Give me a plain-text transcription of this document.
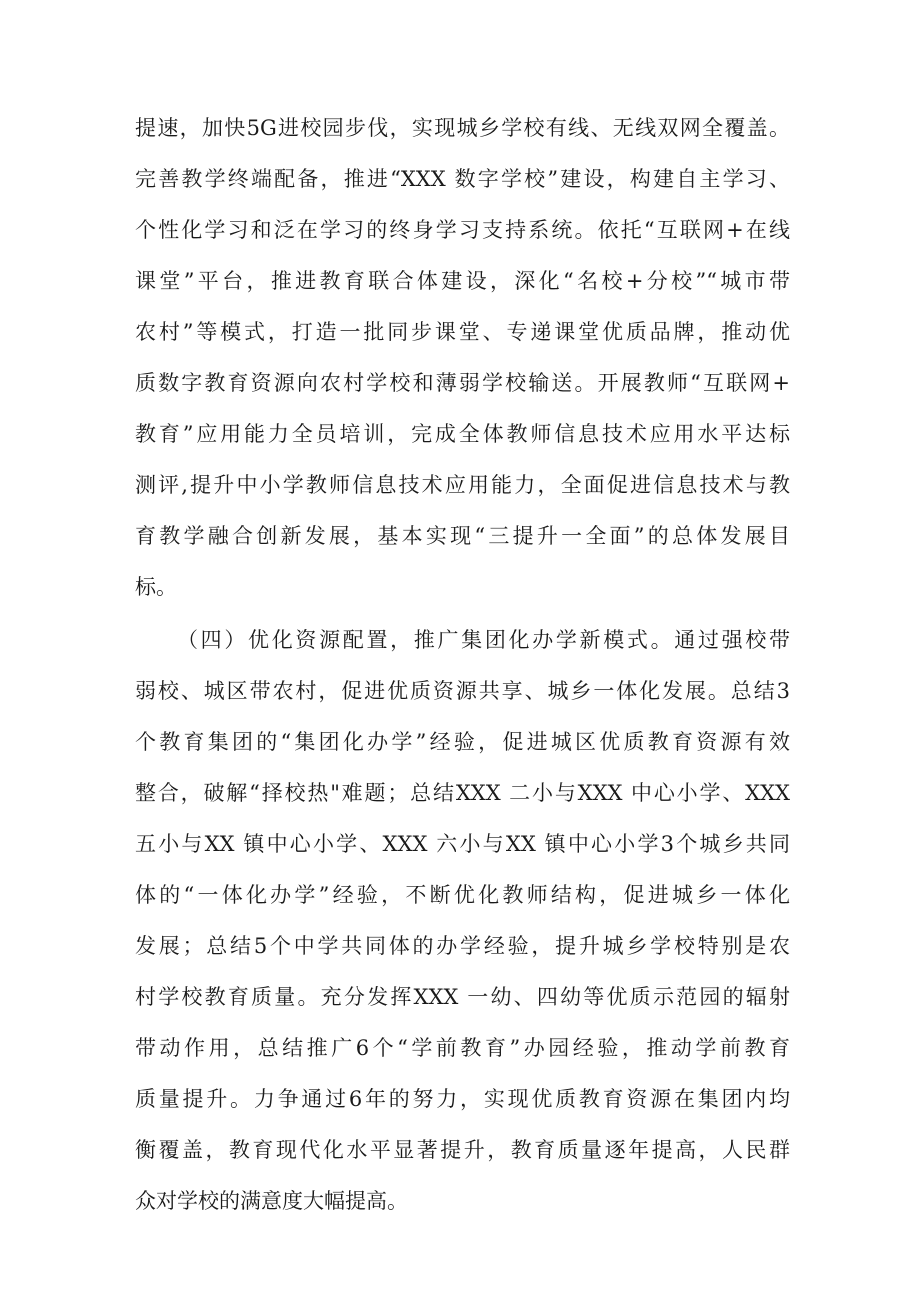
提速，加快5G进校园步伐，实现城乡学校有线、无线双网全覆盖。
完善教学终端配备，推进“XXX 数字学校”建设，构建自主学习、
个性化学习和泛在学习的终身学习支持系统。依托“互联网+在线
课堂”平台，推进教育联合体建设，深化“名校+分校”“城市带
农村”等模式，打造一批同步课堂、专递课堂优质品牌，推动优
质数字教育资源向农村学校和薄弱学校输送。开展教师“互联网+
教育”应用能力全员培训，完成全体教师信息技术应用水平达标
测评,提升中小学教师信息技术应用能力，全面促进信息技术与教
育教学融合创新发展，基本实现“三提升一全面”的总体发展目
标。
（四）优化资源配置，推广集团化办学新模式。通过强校带
弱校、城区带农村，促进优质资源共享、城乡一体化发展。总结3
个教育集团的“集团化办学”经验，促进城区优质教育资源有效
整合，破解“择校热"难题；总结XXX 二小与XXX 中心小学、XXX
五小与XX 镇中心小学、XXX 六小与XX 镇中心小学3个城乡共同
体的“一体化办学”经验，不断优化教师结构，促进城乡一体化
发展；总结5个中学共同体的办学经验，提升城乡学校特别是农
村学校教育质量。充分发挥XXX 一幼、四幼等优质示范园的辐射
带动作用，总结推广6个“学前教育”办园经验，推动学前教育
质量提升。力争通过6年的努力，实现优质教育资源在集团内均
衡覆盖，教育现代化水平显著提升，教育质量逐年提高，人民群
众对学校的满意度大幅提高。
